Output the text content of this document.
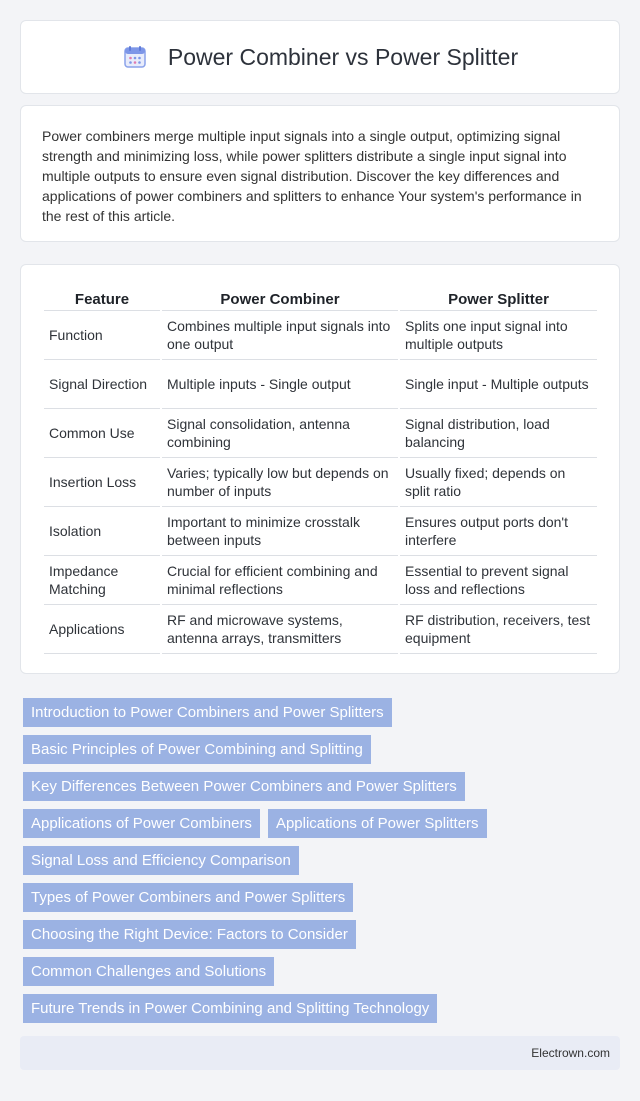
Power Combiner vs Power Splitter

Power combiners merge multiple input signals into a single output, optimizing signal strength and minimizing loss, while power splitters distribute a single input signal into multiple outputs to ensure even signal distribution. Discover the key differences and applications of power combiners and splitters to enhance Your system's performance in the rest of this article.

Feature	Power Combiner	Power Splitter
Function	Combines multiple input signals into one output	Splits one input signal into multiple outputs
Signal Direction	Multiple inputs - Single output	Single input - Multiple outputs
Common Use	Signal consolidation, antenna combining	Signal distribution, load balancing
Insertion Loss	Varies; typically low but depends on number of inputs	Usually fixed; depends on split ratio
Isolation	Important to minimize crosstalk between inputs	Ensures output ports don't interfere
Impedance Matching	Crucial for efficient combining and minimal reflections	Essential to prevent signal loss and reflections
Applications	RF and microwave systems, antenna arrays, transmitters	RF distribution, receivers, test equipment
Introduction to Power Combiners and Power Splitters
Basic Principles of Power Combining and Splitting
Key Differences Between Power Combiners and Power Splitters
Applications of Power Combiners	Applications of Power Splitters
Signal Loss and Efficiency Comparison
Types of Power Combiners and Power Splitters
Choosing the Right Device: Factors to Consider
Common Challenges and Solutions
Future Trends in Power Combining and Splitting Technology
Electrown.com
